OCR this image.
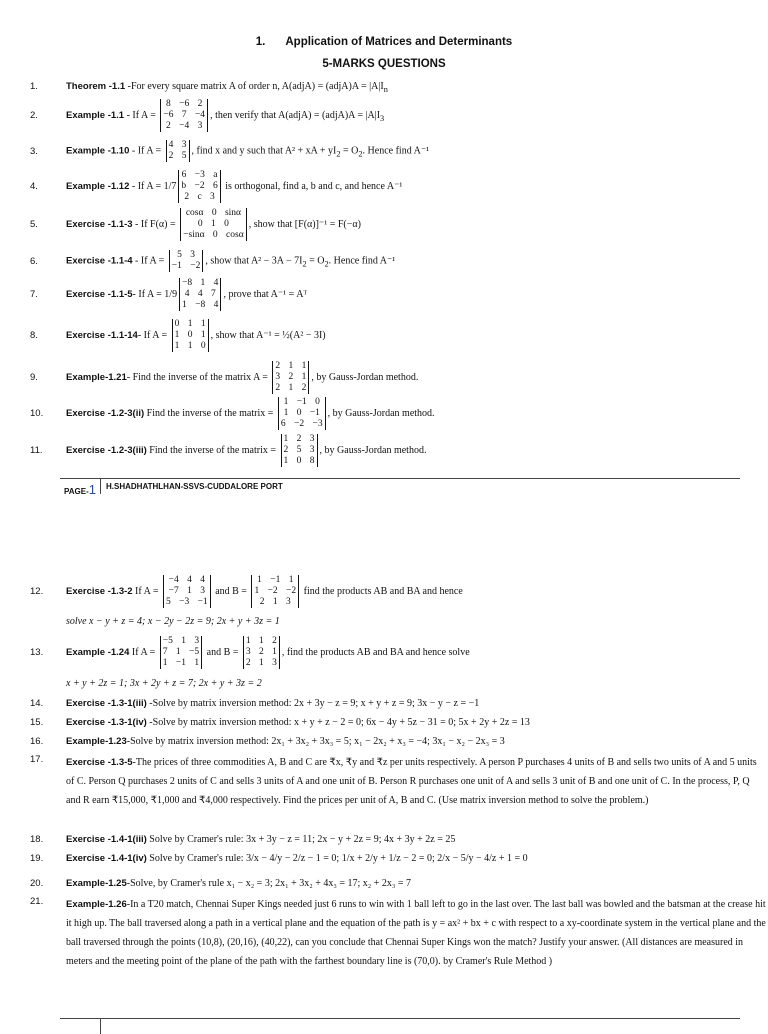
1. Application of Matrices and Determinants
5-MARKS QUESTIONS
1.	Theorem -1.1 -For every square matrix A of order n, A(adjA) = (adjA)A = $|A|I_n$
2.	Example -1.1 - If A =
8 −6 2
−6 7 −4
2 −4 3
, then verify that A(adjA) = (adjA)A = $|A|I_3$
3.	Example -1.10 - If A =
4 3
2 5 , find x and y such that A² + xA + $yI_2 = O_2$. Hence find A⁻¹
4.	Example -1.12 - If A = 1/7
6 −3 a
b −2 6
2 c 3
is orthogonal, find a, b and c, and hence A⁻¹
5.	Exercise -1.1-3 - If F(α) =
cosα 0 sinα
0 1 0
−sinα 0 cosα
, show that [F(α)]⁻¹ = F(−α)
6.	Exercise -1.1-4 - If A =
5 3
−1 −2 , show that $A^2 - 3A - 7I_2 = O_2$. Hence find A⁻¹
7.	Exercise -1.1-5- If A = 1/9
−8 1 4
4 4 7
1 −8 4
, prove that A⁻¹ = Aᵀ
8.	Exercise -1.1-14- If A =
0 1 1
1 0 1
1 1 0
, show that A⁻¹ = ½(A² − 3I)
9.	Example-1.21- Find the inverse of the matrix A =
2 1 1
3 2 1
2 1 2
, by Gauss-Jordan method.
10.	Exercise -1.2-3(ii) Find the inverse of the matrix =
1 −1 0
1 0 −1
6 −2 −3
, by Gauss-Jordan method.
11.	Exercise -1.2-3(iii) Find the inverse of the matrix =
1 2 3
2 5 3
1 0 8
, by Gauss-Jordan method.
PAGE-1 H.SHADHATHLHAN-SSVS-CUDDALORE PORT
12.	Exercise -1.3-2 If A =
−4 4 4
−7 1 3
5 −3 −1
and B =
1 −1 1
1 −2 −2
2 1 3
find the products AB and BA and hence
solve x − y + z = 4; x − 2y − 2z = 9; 2x + y + 3z = 1
13.	Example -1.24 If A =
−5 1 3
7 1 −5
1 −1 1
and B =
1 1 2
3 2 1
2 1 3
, find the products AB and BA and hence solve
x + y + 2z = 1; 3x + 2y + z = 7; 2x + y + 3z = 2
14.	Exercise -1.3-1(iii) -Solve by matrix inversion method: 2x + 3y − z = 9; x + y + z = 9; 3x − y − z = −1
15.	Exercise -1.3-1(iv) -Solve by matrix inversion method: x + y + z − 2 = 0; 6x − 4y + 5z − 31 = 0; 5x + 2y + 2z = 13
16.	Example-1.23-Solve by matrix inversion method: 2x₁ + 3x₂ + 3x₃ = 5; x₁ − 2x₂ + x₃ = −4; 3x₁ − x₂ − 2x₃ = 3
17.	Exercise -1.3-5-The prices of three commodities A, B and C are ₹x, ₹y and ₹z per units respectively. A person P purchases 4 units of B and sells two units of A and 5 units of C. Person Q purchases 2 units of C and sells 3 units of A and one unit of B. Person R purchases one unit of A and sells 3 unit of B and one unit of C. In the process, P, Q and R earn ₹15,000, ₹1,000 and ₹4,000 respectively. Find the prices per unit of A, B and C. (Use matrix inversion method to solve the problem.)
18.	Exercise -1.4-1(iii) Solve by Cramer's rule: 3x + 3y − z = 11; 2x − y + 2z = 9; 4x + 3y + 2z = 25
19.	Exercise -1.4-1(iv) Solve by Cramer's rule: 3/x − 4/y − 2/z − 1 = 0; 1/x + 2/y + 1/z − 2 = 0; 2/x − 5/y − 4/z + 1 = 0
20.	Example-1.25-Solve, by Cramer's rule x₁ − x₂ = 3; 2x₁ + 3x₂ + 4x₃ = 17; x₂ + 2x₃ = 7
21.	Example-1.26-In a T20 match, Chennai Super Kings needed just 6 runs to win with 1 ball left to go in the last over. The last ball was bowled and the batsman at the crease hit it high up. The ball traversed along a path in a vertical plane and the equation of the path is y = ax² + bx + c with respect to a xy-coordinate system in the vertical plane and the ball traversed through the points (10,8), (20,16), (40,22), can you conclude that Chennai Super Kings won the match? Justify your answer. (All distances are measured in meters and the meeting point of the plane of the path with the farthest boundary line is (70,0). by Cramer's Rule Method )
